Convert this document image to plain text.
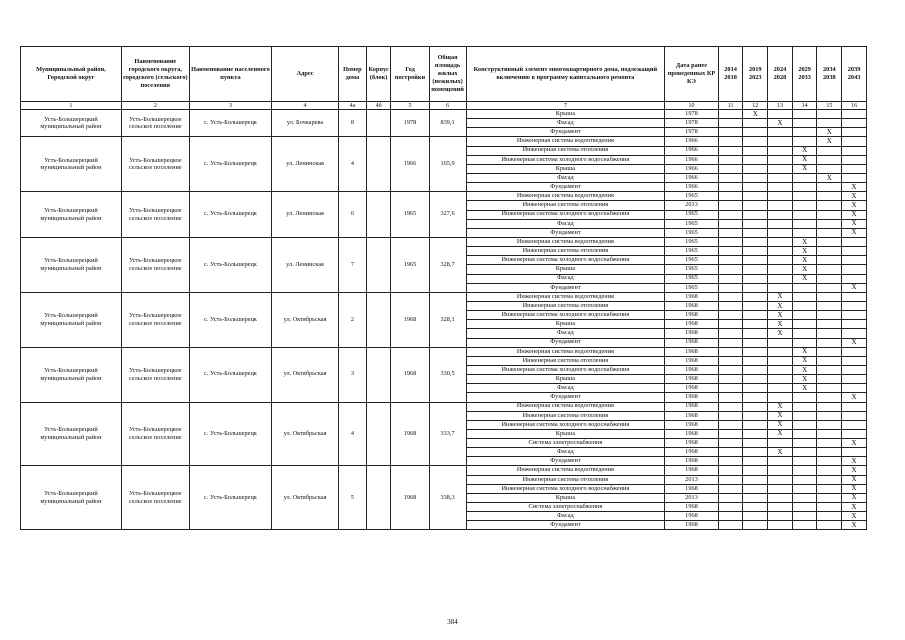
Муниципальный район, Городской округ	Наименование городского округа, городского (сельского) поселения	Наименование населенного пункта	Адрес	Номер дома	Корпус (блок)	Год постройки	Общая площадь жилых (нежилых) помещений	Конструктивный элемент многоквартирного дома, подлежащий включению в программу капитального ремонта	Дата ранее проведенных КР КЭ	2014 2018	2019 2023	2024 2028	2029 2033	2034 2038	2039 2043
1	2	3	4	4а	4б	5	6	7	10	11	12	13	14	15	16
Усть-Большерецкий муниципальный район	Усть-Большерецкое сельское поселение	с. Усть-Большерецк	ул. Бочкарева	8		1978	839,1	Крыша	1978		X				
								Фасад	1978			X			
								Фундамент	1978					X	
Усть-Большерецкий муниципальный район	Усть-Большерецкое сельское поселение	с. Усть-Большерецк	ул. Ленинская	4		1966	165,9	Инженерная система водоотведения	1966					X	
								Инженерная система отопления	1966				X		
								Инженерная система холодного водоснабжения	1966				X		
								Крыша	1966				X		
								Фасад	1966					X	
								Фундамент	1966						X
Усть-Большерецкий муниципальный район	Усть-Большерецкое сельское поселение	с. Усть-Большерецк	ул. Ленинская	6		1965	327,6	Инженерная система водоотведения	1965						X
								Инженерная система отопления	2013						X
								Инженерная система холодного водоснабжения	1965						X
								Фасад	1965						X
								Фундамент	1965						X
Усть-Большерецкий муниципальный район	Усть-Большерецкое сельское поселение	с. Усть-Большерецк	ул. Ленинская	7		1965	328,7	Инженерная система водоотведения	1965				X		
								Инженерная система отопления	1965				X		
								Инженерная система холодного водоснабжения	1965				X		
								Крыша	1965				X		
								Фасад	1965				X		
								Фундамент	1965						X
Усть-Большерецкий муниципальный район	Усть-Большерецкое сельское поселение	с. Усть-Большерецк	ул. Октябрьская	2		1968	328,1	Инженерная система водоотведения	1968			X			
								Инженерная система отопления	1968			X			
								Инженерная система холодного водоснабжения	1968			X			
								Крыша	1968			X			
								Фасад	1968			X			
								Фундамент	1968						X
Усть-Большерецкий муниципальный район	Усть-Большерецкое сельское поселение	с. Усть-Большерецк	ул. Октябрьская	3		1968	330,5	Инженерная система водоотведения	1968				X		
								Инженерная система отопления	1968				X		
								Инженерная система холодного водоснабжения	1968				X		
								Крыша	1968				X		
								Фасад	1968				X		
								Фундамент	1968						X
Усть-Большерецкий муниципальный район	Усть-Большерецкое сельское поселение	с. Усть-Большерецк	ул. Октябрьская	4		1968	333,7	Инженерная система водоотведения	1968			X			
								Инженерная система отопления	1968			X			
								Инженерная система холодного водоснабжения	1968			X			
								Крыша	1968			X			
								Система электроснабжения	1968						X
								Фасад	1968			X			
								Фундамент	1968						X
Усть-Большерецкий муниципальный район	Усть-Большерецкое сельское поселение	с. Усть-Большерецк	ул. Октябрьская	5		1968	338,3	Инженерная система водоотведения	1968						X
								Инженерная система отопления	2013						X
								Инженерная система холодного водоснабжения	1968						X
								Крыша	2013						X
								Система электроснабжения	1968						X
								Фасад	1968						X
								Фундамент	1968						X
384
